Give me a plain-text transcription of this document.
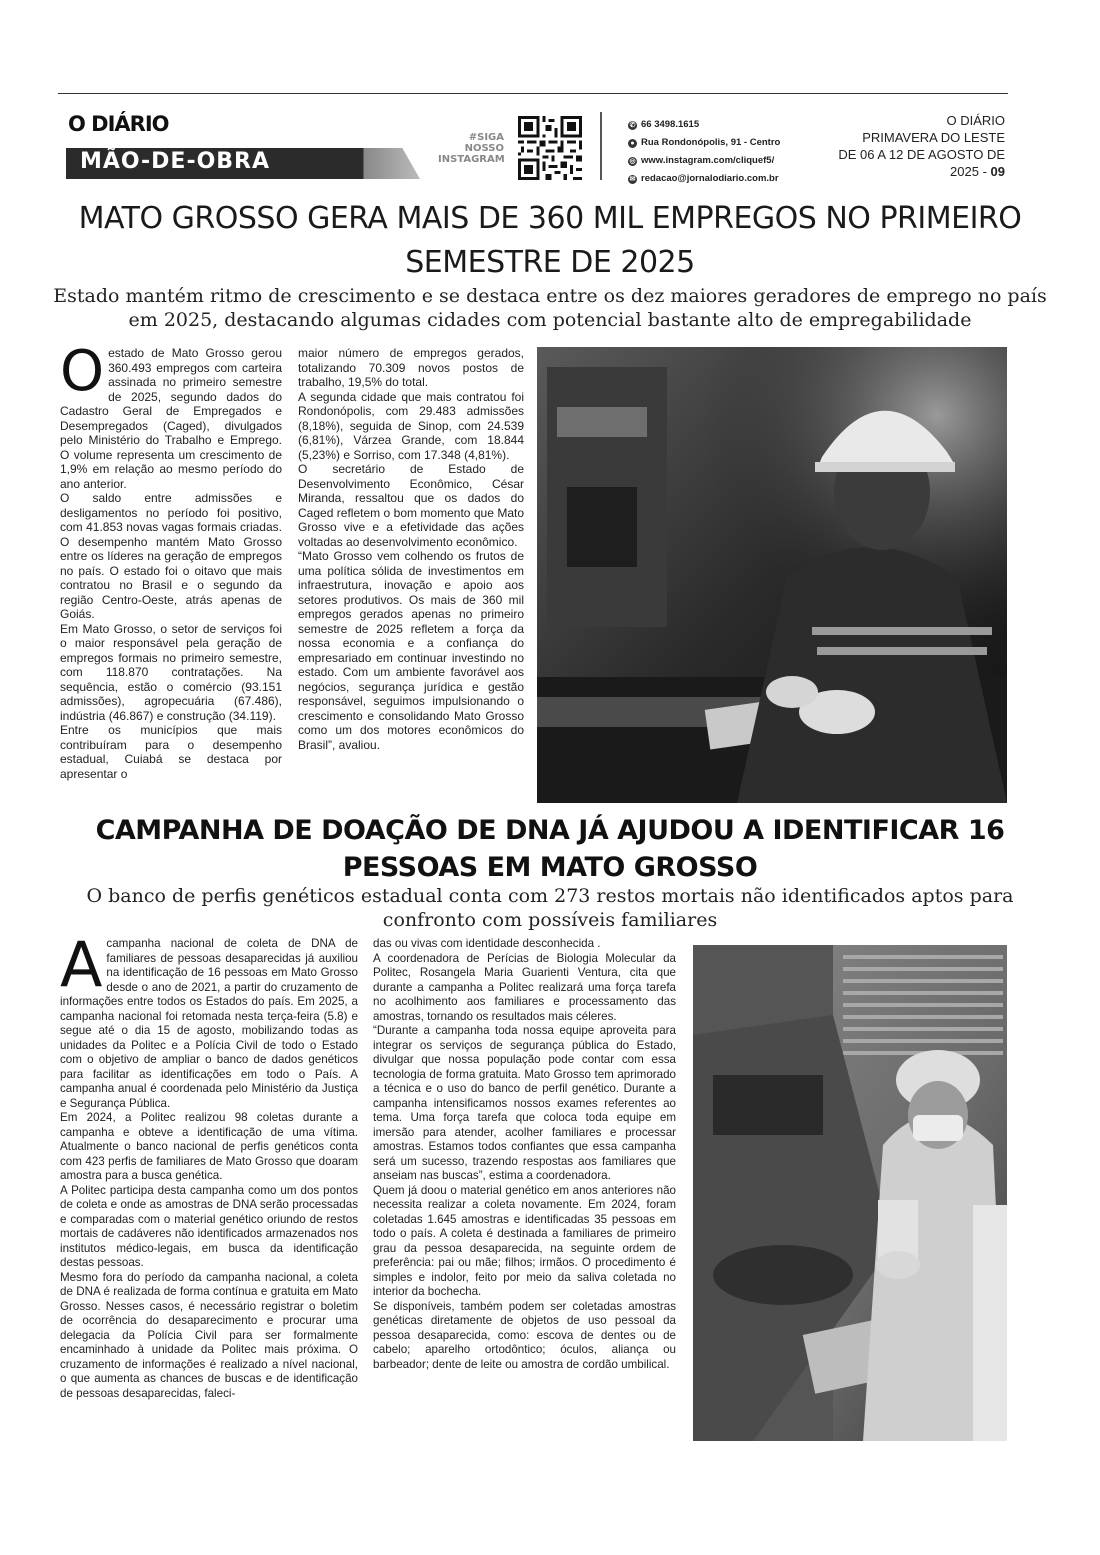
O DIÁRIO
MÃO-DE-OBRA
#SIGA
NOSSO
INSTAGRAM
✆ 66 3498.1615
● Rua Rondonópolis, 91 - Centro
◎ www.instagram.com/cliquef5/
✉ redacao@jornalodiario.com.br
O DIÁRIO
PRIMAVERA DO LESTE
DE 06 A 12 DE AGOSTO DE
2025 - 09
MATO GROSSO GERA MAIS DE 360 MIL EMPREGOS NO PRIMEIRO SEMESTRE DE 2025
Estado mantém ritmo de crescimento e se destaca entre os dez maiores geradores de emprego no país em 2025, destacando algumas cidades com potencial bastante alto de empregabilidade
O estado de Mato Grosso gerou 360.493 empregos com carteira assinada no primeiro semestre de 2025, segundo dados do Cadastro Geral de Empregados e Desempregados (Caged), divulgados pelo Ministério do Trabalho e Emprego. O volume representa um crescimento de 1,9% em relação ao mesmo período do ano anterior.

O saldo entre admissões e desligamentos no período foi positivo, com 41.853 novas vagas formais criadas. O desempenho mantém Mato Grosso entre os líderes na geração de empregos no país. O estado foi o oitavo que mais contratou no Brasil e o segundo da região Centro-Oeste, atrás apenas de Goiás.

Em Mato Grosso, o setor de serviços foi o maior responsável pela geração de empregos formais no primeiro semestre, com 118.870 contratações. Na sequência, estão o comércio (93.151 admissões), agropecuária (67.486), indústria (46.867) e construção (34.119).

Entre os municípios que mais contribuíram para o desempenho estadual, Cuiabá se destaca por apresentar o

maior número de empregos gerados, totalizando 70.309 novos postos de trabalho, 19,5% do total.

A segunda cidade que mais contratou foi Rondonópolis, com 29.483 admissões (8,18%), seguida de Sinop, com 24.539 (6,81%), Várzea Grande, com 18.844 (5,23%) e Sorriso, com 17.348 (4,81%).

O secretário de Estado de Desenvolvimento Econômico, César Miranda, ressaltou que os dados do Caged refletem o bom momento que Mato Grosso vive e a efetividade das ações voltadas ao desenvolvimento econômico.

“Mato Grosso vem colhendo os frutos de uma política sólida de investimentos em infraestrutura, inovação e apoio aos setores produtivos. Os mais de 360 mil empregos gerados apenas no primeiro semestre de 2025 refletem a força da nossa economia e a confiança do empresariado em continuar investindo no estado. Com um ambiente favorável aos negócios, segurança jurídica e gestão responsável, seguimos impulsionando o crescimento e consolidando Mato Grosso como um dos motores econômicos do Brasil”, avaliou.

CAMPANHA DE DOAÇÃO DE DNA JÁ AJUDOU A IDENTIFICAR 16 PESSOAS EM MATO GROSSO
O banco de perfis genéticos estadual conta com 273 restos mortais não identificados aptos para confronto com possíveis familiares
A campanha nacional de coleta de DNA de familiares de pessoas desaparecidas já auxiliou na identificação de 16 pessoas em Mato Grosso desde o ano de 2021, a partir do cruzamento de informações entre todos os Estados do país. Em 2025, a campanha nacional foi retomada nesta terça-feira (5.8) e segue até o dia 15 de agosto, mobilizando todas as unidades da Politec e a Polícia Civil de todo o Estado com o objetivo de ampliar o banco de dados genéticos para facilitar as identificações em todo o País. A campanha anual é coordenada pelo Ministério da Justiça e Segurança Pública.

Em 2024, a Politec realizou 98 coletas durante a campanha e obteve a identificação de uma vítima. Atualmente o banco nacional de perfis genéticos conta com 423 perfis de familiares de Mato Grosso que doaram amostra para a busca genética.

A Politec participa desta campanha como um dos pontos de coleta e onde as amostras de DNA serão processadas e comparadas com o material genético oriundo de restos mortais de cadáveres não identificados armazenados nos institutos médico-legais, em busca da identificação destas pessoas.

Mesmo fora do período da campanha nacional, a coleta de DNA é realizada de forma contínua e gratuita em Mato Grosso. Nesses casos, é necessário registrar o boletim de ocorrência do desaparecimento e procurar uma delegacia da Polícia Civil para ser formalmente encaminhado à unidade da Politec mais próxima. O cruzamento de informações é realizado a nível nacional, o que aumenta as chances de buscas e de identificação de pessoas desaparecidas, faleci-

das ou vivas com identidade desconhecida .

A coordenadora de Perícias de Biologia Molecular da Politec, Rosangela Maria Guarienti Ventura, cita que durante a campanha a Politec realizará uma força tarefa no acolhimento aos familiares e processamento das amostras, tornando os resultados mais céleres.

“Durante a campanha toda nossa equipe aproveita para integrar os serviços de segurança pública do Estado, divulgar que nossa população pode contar com essa tecnologia de forma gratuita. Mato Grosso tem aprimorado a técnica e o uso do banco de perfil genético. Durante a campanha intensificamos nossos exames referentes ao tema. Uma força tarefa que coloca toda equipe em imersão para atender, acolher familiares e processar amostras. Estamos todos confiantes que essa campanha será um sucesso, trazendo respostas aos familiares que anseiam nas buscas”, estima a coordenadora.

Quem já doou o material genético em anos anteriores não necessita realizar a coleta novamente. Em 2024, foram coletadas 1.645 amostras e identificadas 35 pessoas em todo o país. A coleta é destinada a familiares de primeiro grau da pessoa desaparecida, na seguinte ordem de preferência: pai ou mãe; filhos; irmãos. O procedimento é simples e indolor, feito por meio da saliva coletada no interior da bochecha.

Se disponíveis, também podem ser coletadas amostras genéticas diretamente de objetos de uso pessoal da pessoa desaparecida, como: escova de dentes ou de cabelo; aparelho ortodôntico; óculos, aliança ou barbeador; dente de leite ou amostra de cordão umbilical.
